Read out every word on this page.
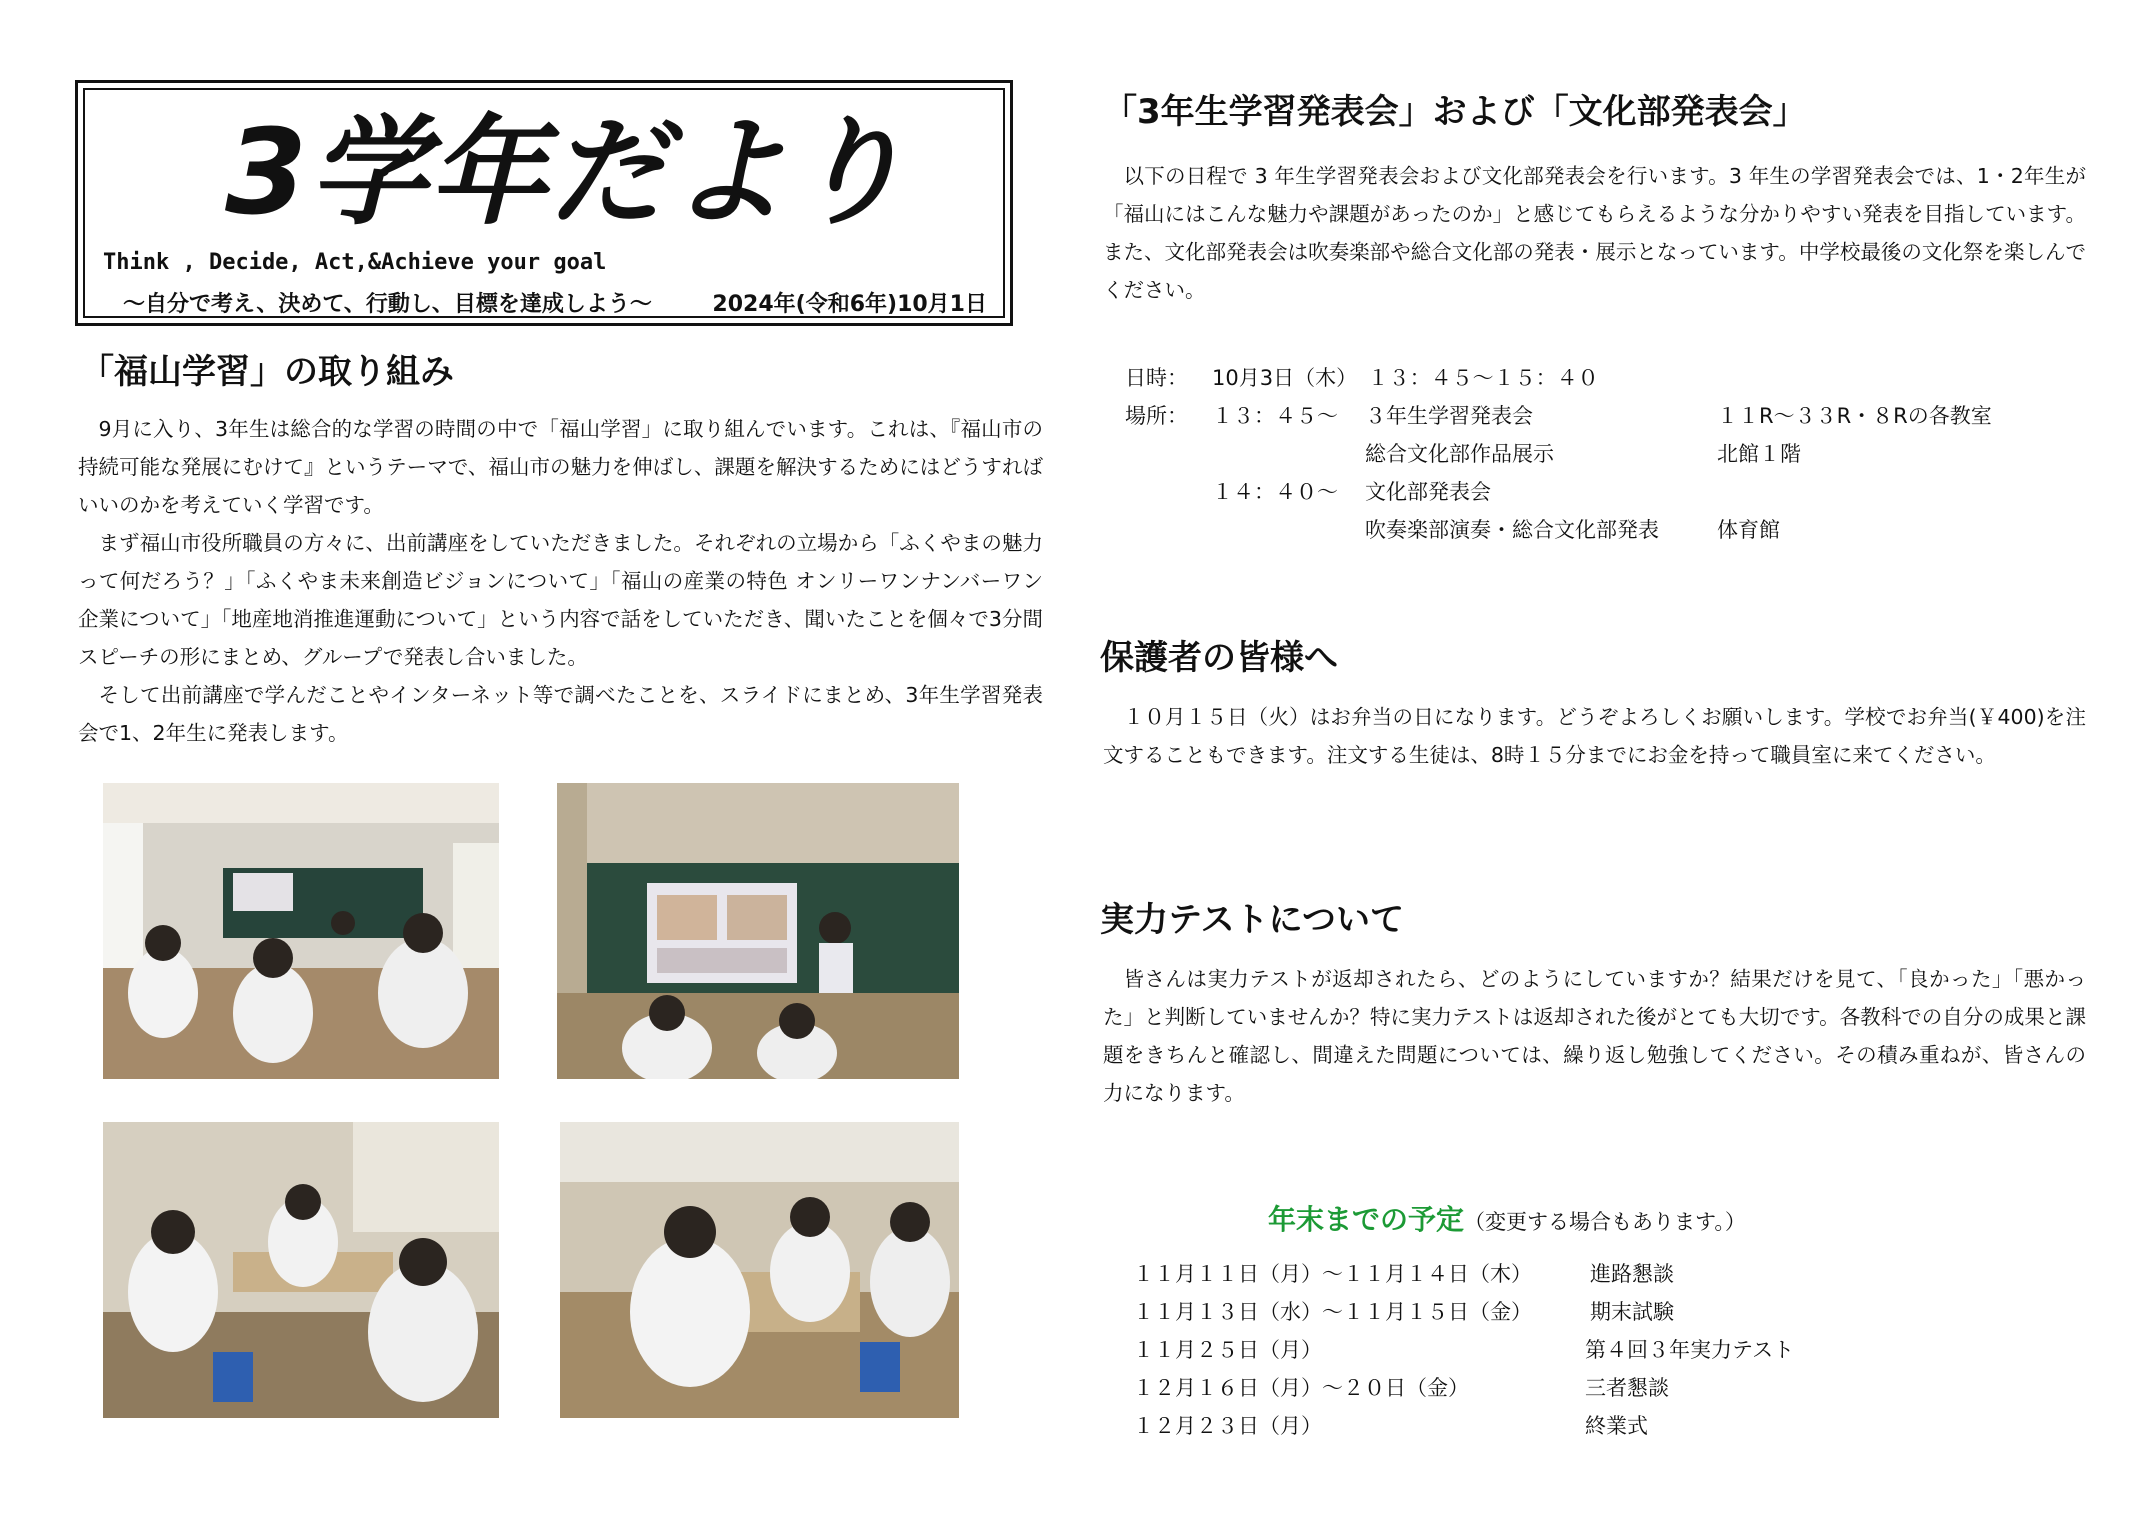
3学年だより
Think , Decide, Act,&Achieve your goal
～自分で考え、決めて、行動し、目標を達成しよう～	2024年(令和6年)10月1日
「福山学習」の取り組み

9月に入り、3年生は総合的な学習の時間の中で「福山学習」に取り組んでいます。これは、『福山市の持続可能な発展にむけて』というテーマで、福山市の魅力を伸ばし、課題を解決するためにはどうすればいいのかを考えていく学習です。

まず福山市役所職員の方々に、出前講座をしていただきました。それぞれの立場から「ふくやまの魅力って何だろう？」「ふくやま未来創造ビジョンについて」「福山の産業の特色 オンリーワンナンバーワン企業について」「地産地消推進運動について」という内容で話をしていただき、聞いたことを個々で3分間スピーチの形にまとめ、グループで発表し合いました。

そして出前講座で学んだことやインターネット等で調べたことを、スライドにまとめ、3年生学習発表会で1、2年生に発表します。

「3年生学習発表会」および「文化部発表会」

以下の日程で 3 年生学習発表会および文化部発表会を行います。3 年生の学習発表会では、1・2年生が「福山にはこんな魅力や課題があったのか」と感じてもらえるような分かりやすい発表を目指しています。また、文化部発表会は吹奏楽部や総合文化部の発表・展示となっています。中学校最後の文化祭を楽しんでください。

日時： 10月3日（木）　１３：４５～１５：４０
場所： １３：４５～ ３年生学習発表会	１１R～３３R・８Rの各教室
総合文化部作品展示	北館１階
１４：４０～ 文化部発表会
吹奏楽部演奏・総合文化部発表	体育館
保護者の皆様へ

１０月１５日（火）はお弁当の日になります。どうぞよろしくお願いします。学校でお弁当(￥400)を注文することもできます。注文する生徒は、8時１５分までにお金を持って職員室に来てください。

実力テストについて

皆さんは実力テストが返却されたら、どのようにしていますか？結果だけを見て、「良かった」「悪かった」と判断していませんか？特に実力テストは返却された後がとても大切です。各教科での自分の成果と課題をきちんと確認し、間違えた問題については、繰り返し勉強してください。その積み重ねが、皆さんの力になります。

年末までの予定（変更する場合もあります。）
１１月１１日（月）～１１月１４日（木）	進路懇談
１１月１３日（水）～１１月１５日（金）	期末試験
１１月２５日（月）	第４回３年実力テスト
１２月１６日（月）～２０日（金）	三者懇談
１２月２３日（月）	終業式
